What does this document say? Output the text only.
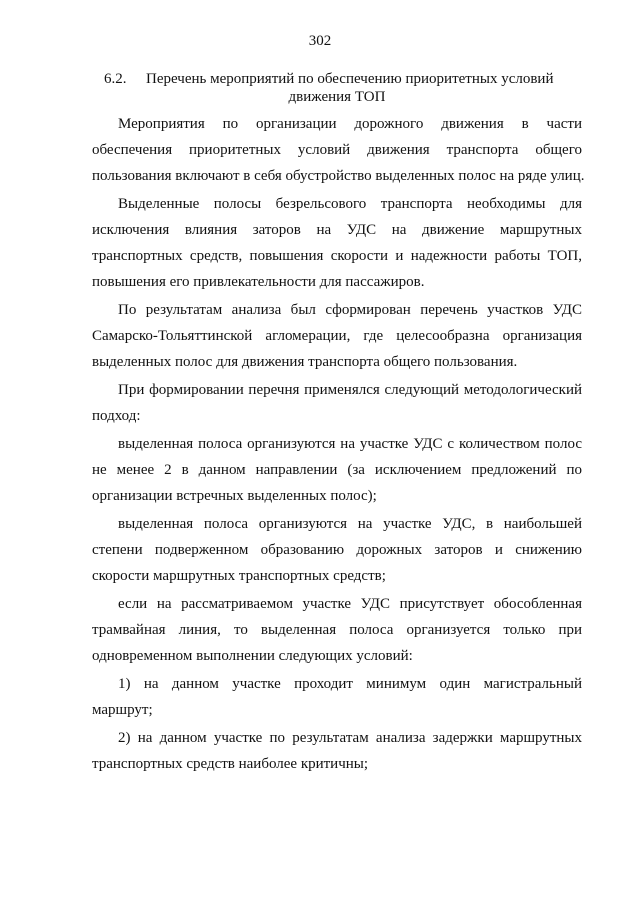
302
6.2. Перечень мероприятий по обеспечению приоритетных условий
движения ТОП
Мероприятия по организации дорожного движения в части
обеспечения приоритетных условий движения транспорта общего
пользования включают в себя обустройство выделенных полос на ряде улиц.
Выделенные полосы безрельсового транспорта необходимы для
исключения влияния заторов на УДС на движение маршрутных
транспортных средств, повышения скорости и надежности работы ТОП,
повышения его привлекательности для пассажиров.
По результатам анализа был сформирован перечень участков УДС
Самарско-Тольяттинской агломерации, где целесообразна организация
выделенных полос для движения транспорта общего пользования.
При формировании перечня применялся следующий методологический
подход:
выделенная полоса организуются на участке УДС с количеством полос
не менее 2 в данном направлении (за исключением предложений по
организации встречных выделенных полос);
выделенная полоса организуются на участке УДС, в наибольшей
степени подверженном образованию дорожных заторов и снижению
скорости маршрутных транспортных средств;
если на рассматриваемом участке УДС присутствует обособленная
трамвайная линия, то выделенная полоса организуется только при
одновременном выполнении следующих условий:
1) на данном участке проходит минимум один магистральный
маршрут;
2) на данном участке по результатам анализа задержки маршрутных
транспортных средств наиболее критичны;
